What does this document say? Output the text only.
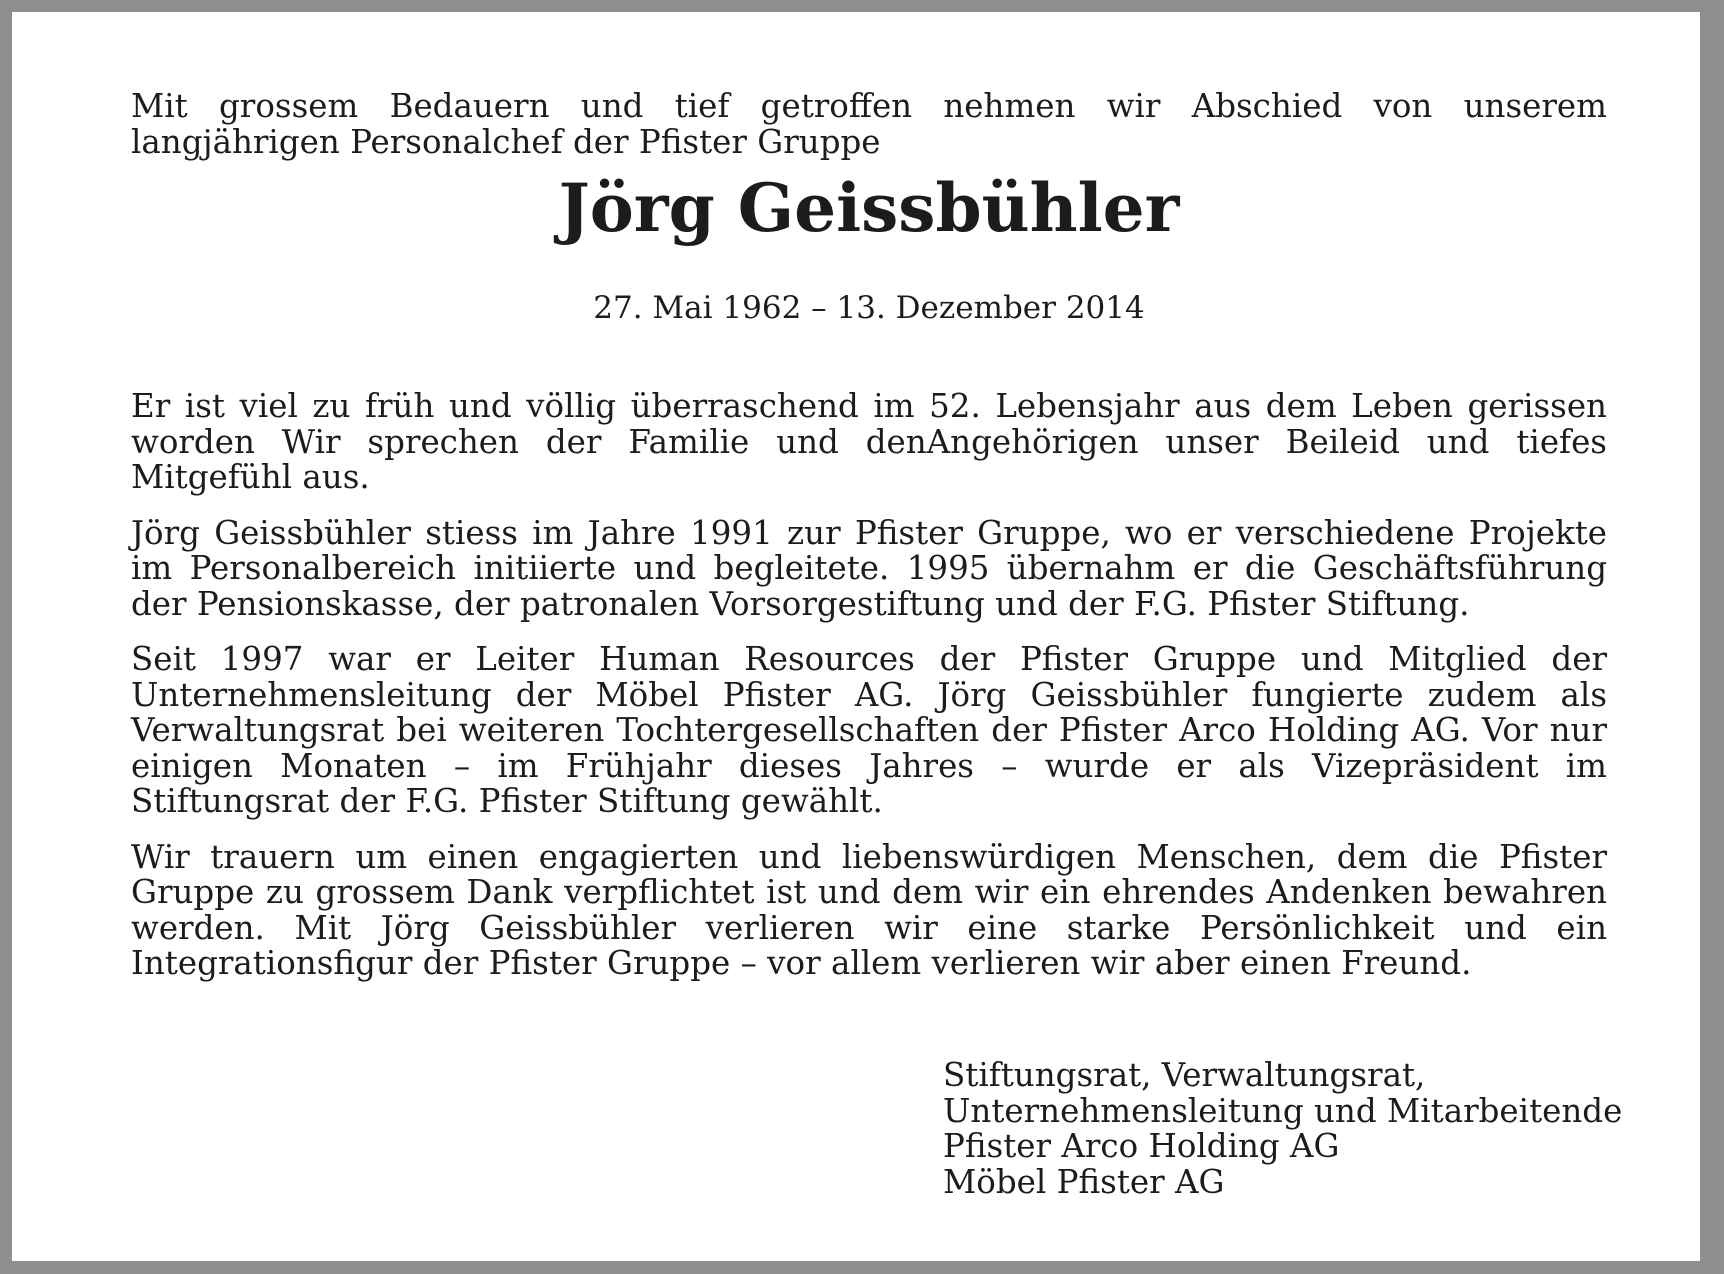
Mit grossem Bedauern und tief getroffen nehmen wir Abschied von unserem langjährigen Personalchef der Pfister Gruppe

Jörg Geissbühler

27. Mai 1962 – 13. Dezember 2014

Er ist viel zu früh und völlig überraschend im 52. Lebensjahr aus dem Leben gerissen worden Wir sprechen der Familie und denAngehörigen unser Beileid und tiefes Mitgefühl aus.

Jörg Geissbühler stiess im Jahre 1991 zur Pfister Gruppe, wo er verschiedene Projekte im Personalbereich initiierte und begleitete. 1995 übernahm er die Geschäftsführung der Pensionskasse, der patronalen Vorsorgestiftung und der F.G. Pfister Stiftung.

Seit 1997 war er Leiter Human Resources der Pfister Gruppe und Mitglied der Unternehmensleitung der Möbel Pfister AG. Jörg Geissbühler fungierte zudem als Verwaltungsrat bei weiteren Tochtergesellschaften der Pfister Arco Holding AG. Vor nur einigen Monaten – im Frühjahr dieses Jahres – wurde er als Vizepräsident im Stiftungsrat der F.G. Pfister Stiftung gewählt.

Wir trauern um einen engagierten und liebenswürdigen Menschen, dem die Pfister Gruppe zu grossem Dank verpflichtet ist und dem wir ein ehrendes Andenken bewahren werden. Mit Jörg Geissbühler verlieren wir eine starke Persönlichkeit und ein Integrationsfigur der Pfister Gruppe – vor allem verlieren wir aber einen Freund.

Stiftungsrat, Verwaltungsrat,

Unternehmensleitung und Mitarbeitende

Pfister Arco Holding AG

Möbel Pfister AG
